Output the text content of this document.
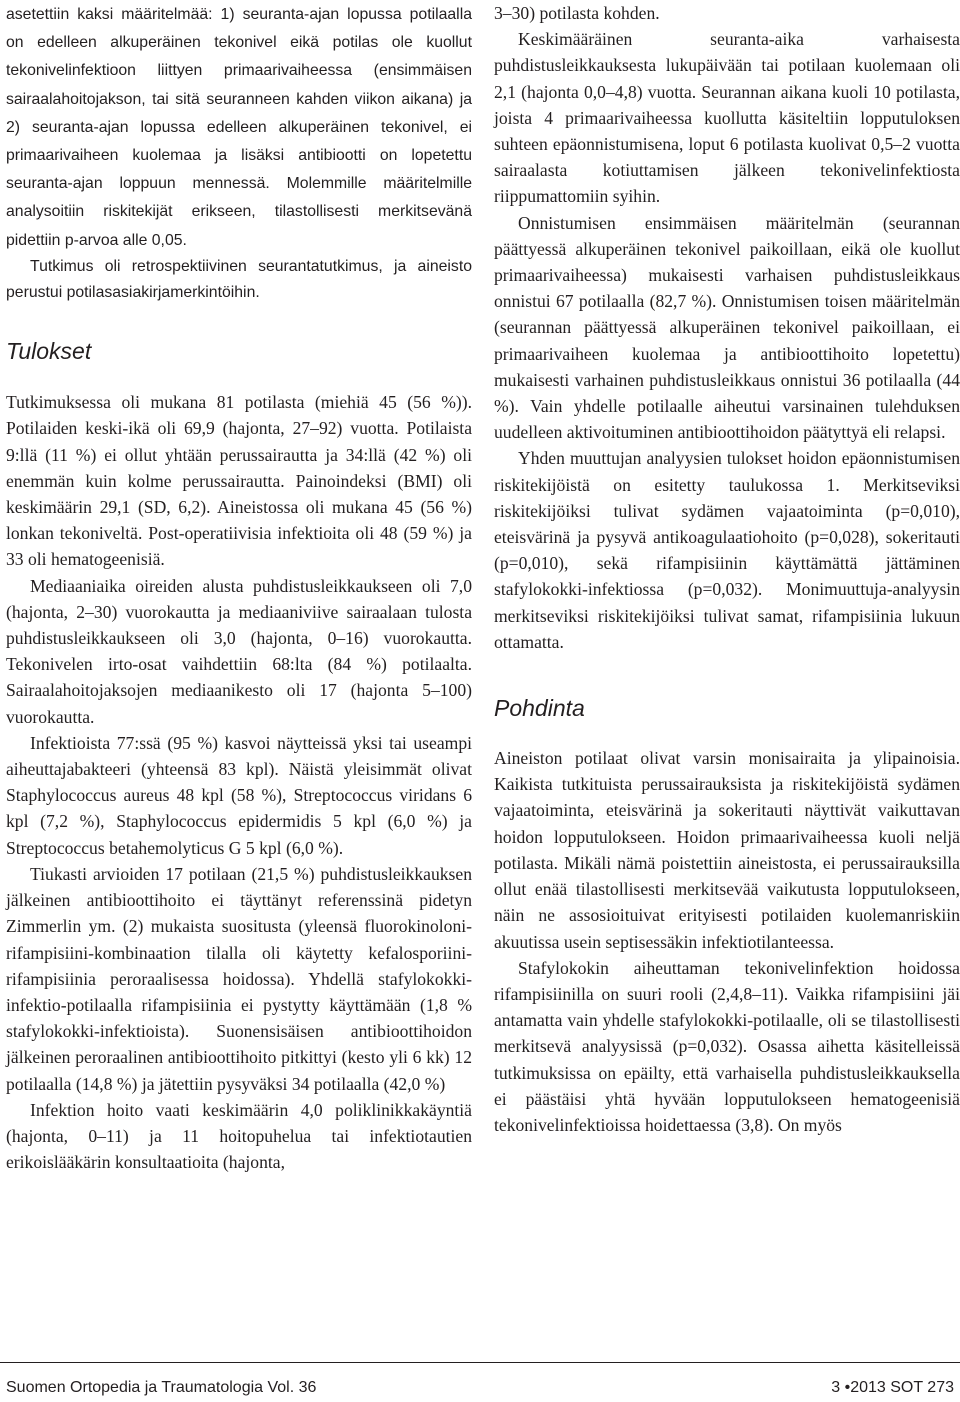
asetettiin kaksi määritelmää: 1) seuranta-ajan lopussa potilaalla on edelleen alkuperäinen tekonivel eikä potilas ole kuollut tekonivelinfektioon liittyen primaarivaiheessa (ensimmäisen sairaalahoitojakson, tai sitä seuranneen kahden viikon aikana) ja 2) seuranta-ajan lopussa edelleen alkuperäinen tekonivel, ei primaarivaiheen kuolemaa ja lisäksi antibiootti on lopetettu seuranta-ajan loppuun mennessä. Molemmille määritelmille analysoitiin riskitekijät erikseen, tilastollisesti merkitsevänä pidettiin p-arvoa alle 0,05.

Tutkimus oli retrospektiivinen seurantatutkimus, ja aineisto perustui potilasasiakirjamerkintöihin.

Tulokset

Tutkimuksessa oli mukana 81 potilasta (miehiä 45 (56 %)). Potilaiden keski-ikä oli 69,9 (hajonta, 27‒92) vuotta. Potilaista 9:llä (11 %) ei ollut yhtään perussairautta ja 34:llä (42 %) oli enemmän kuin kolme perussairautta. Painoindeksi (BMI) oli keskimäärin 29,1 (SD, 6,2). Aineistossa oli mukana 45 (56 %) lonkan tekoniveltä. Post-operatiivisia infektioita oli 48 (59 %) ja 33 oli hematogeenisiä.

Mediaaniaika oireiden alusta puhdistusleikkaukseen oli 7,0 (hajonta, 2‒30) vuorokautta ja mediaaniviive sairaalaan tulosta puhdistusleikkaukseen oli 3,0 (hajonta, 0‒16) vuorokautta. Tekonivelen irto-osat vaihdettiin 68:lta (84 %) potilaalta. Sairaalahoitojaksojen mediaanikesto oli 17 (hajonta 5‒100) vuorokautta.

Infektioista 77:ssä (95 %) kasvoi näytteissä yksi tai useampi aiheuttajabakteeri (yhteensä 83 kpl). Näistä yleisimmät olivat Staphylococcus aureus 48 kpl (58 %), Streptococcus viridans 6 kpl (7,2 %), Staphylococcus epidermidis 5 kpl (6,0 %) ja Streptococcus betahemolyticus G 5 kpl (6,0 %).

Tiukasti arvioiden 17 potilaan (21,5 %) puhdistusleikkauksen jälkeinen antibioottihoito ei täyttänyt referenssinä pidetyn Zimmerlin ym. (2) mukaista suositusta (yleensä fluorokinoloni-rifampisiini-kombinaation tilalla oli käytetty kefalosporiini-rifampisiinia peroraalisessa hoidossa). Yhdellä stafylokokki-infektio-potilaalla rifampisiinia ei pystytty käyttämään (1,8 % stafylokokki-infektioista). Suonensisäisen antibioottihoidon jälkeinen peroraalinen antibioottihoito pitkittyi (kesto yli 6 kk) 12 potilaalla (14,8 %) ja jätettiin pysyväksi 34 potilaalla (42,0 %)

Infektion hoito vaati keskimäärin 4,0 poliklinikkakäyntiä (hajonta, 0‒11) ja 11 hoitopuhelua tai infektiotautien erikoislääkärin konsultaatioita (hajonta,

3‒30) potilasta kohden.

Keskimääräinen seuranta-aika varhaisesta puhdistusleikkauksesta lukupäivään tai potilaan kuolemaan oli 2,1 (hajonta 0,0‒4,8) vuotta. Seurannan aikana kuoli 10 potilasta, joista 4 primaarivaiheessa kuollutta käsiteltiin lopputuloksen suhteen epäonnistumisena, loput 6 potilasta kuolivat 0,5‒2 vuotta sairaalasta kotiuttamisen jälkeen tekonivelinfektiosta riippumattomiin syihin.

Onnistumisen ensimmäisen määritelmän (seurannan päättyessä alkuperäinen tekonivel paikoillaan, eikä ole kuollut primaarivaiheessa) mukaisesti varhaisen puhdistusleikkaus onnistui 67 potilaalla (82,7 %). Onnistumisen toisen määritelmän (seurannan päättyessä alkuperäinen tekonivel paikoillaan, ei primaarivaiheen kuolemaa ja antibioottihoito lopetettu) mukaisesti varhainen puhdistusleikkaus onnistui 36 potilaalla (44 %). Vain yhdelle potilaalle aiheutui varsinainen tulehduksen uudelleen aktivoituminen antibioottihoidon päätyttyä eli relapsi.

Yhden muuttujan analyysien tulokset hoidon epäonnistumisen riskitekijöistä on esitetty taulukossa 1. Merkitseviksi riskitekijöiksi tulivat sydämen vajaatoiminta (p=0,010), eteisvärinä ja pysyvä antikoagulaatiohoito (p=0,028), sokeritauti (p=0,010), sekä rifampisiinin käyttämättä jättäminen stafylokokki-infektiossa (p=0,032). Monimuuttuja-analyysin merkitseviksi riskitekijöiksi tulivat samat, rifampisiinia lukuun ottamatta.

Pohdinta

Aineiston potilaat olivat varsin monisairaita ja ylipainoisia. Kaikista tutkituista perussairauksista ja riskitekijöistä sydämen vajaatoiminta, eteisvärinä ja sokeritauti näyttivät vaikuttavan hoidon lopputulokseen. Hoidon primaarivaiheessa kuoli neljä potilasta. Mikäli nämä poistettiin aineistosta, ei perussairauksilla ollut enää tilastollisesti merkitsevää vaikutusta lopputulokseen, näin ne assosioituivat erityisesti potilaiden kuolemanriskiin akuutissa usein septisessäkin infektiotilanteessa.

Stafylokokin aiheuttaman tekonivelinfektion hoidossa rifampisiinilla on suuri rooli (2,4,8‒11). Vaikka rifampisiini jäi antamatta vain yhdelle stafylokokki-potilaalle, oli se tilastollisesti merkitsevä analyysissä (p=0,032). Osassa aihetta käsitelleissä tutkimuksissa on epäilty, että varhaisella puhdistusleikkauksella ei päästäisi yhtä hyvään lopputulokseen hematogeenisiä tekonivelinfektioissa hoidettaessa (3,8). On myös

Suomen Ortopedia ja Traumatologia Vol. 36	3 •2013 SOT 273
